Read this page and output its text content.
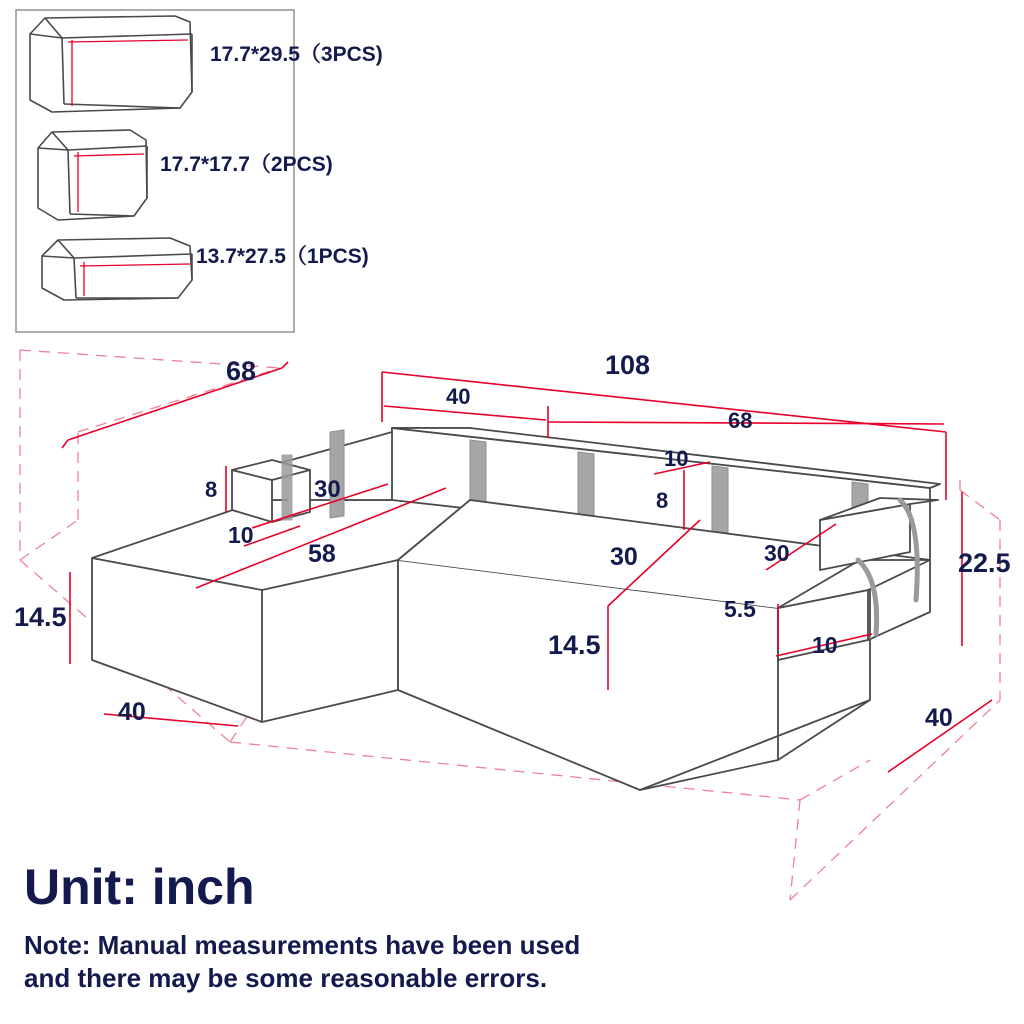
17.7*29.5（3PCS)
17.7*17.7（2PCS)
13.7*27.5（1PCS)
68	108
40
68
8	30
10
58
10
8
30	30
14.5
40
14.5
5.5
10
22.5
40
Unit: inch
Note: Manual measurements have been used
and there may be some reasonable errors.
